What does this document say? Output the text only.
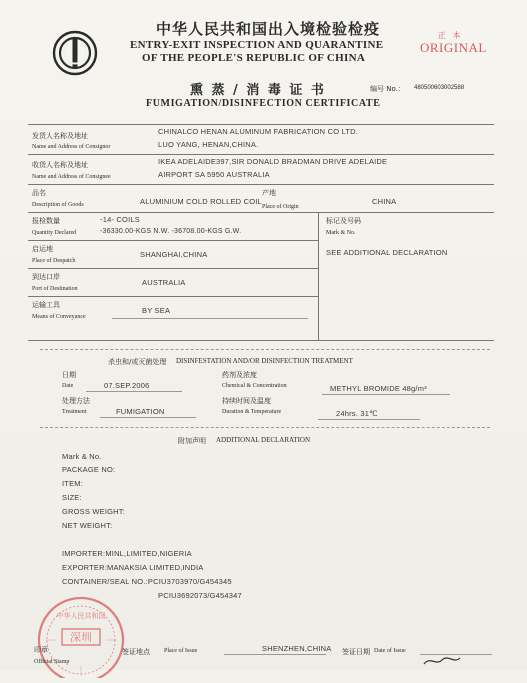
中华人民共和国出入境检验检疫
ENTRY-EXIT INSPECTION AND QUARANTINE
OF THE PEOPLE'S REPUBLIC OF CHINA
正 本
ORIGINAL
熏 蒸 / 消 毒 证 书
FUMIGATION/DISINFECTION CERTIFICATE
编号 No.： 480500603002588
发货人名称及地址
Name and Address of Consignor
CHINALCO HENAN ALUMINUM FABRICATION CO LTD.
LUO YANG, HENAN,CHINA.
收货人名称及地址
Name and Address of Consignee
IKEA ADELAIDE397,SIR DONALD BRADMAN DRIVE ADELAIDE
AIRPORT SA 5950 AUSTRALIA
品名
Description of Goods	ALUMINIUM COLD ROLLED COIL
产地
Place of Origin
CHINA
报检数量
Quantity Declared
-14- COILS
-36330.00-KGS N.W. -36708.00-KGS G.W.
标记及号码
Mark & No.
SEE ADDITIONAL DECLARATION
启运地
Place of Despatch
SHANGHAI,CHINA
到达口岸
Port of Destination
AUSTRALIA
运输工具
Means of Conveyance
BY SEA
杀虫和/或灭菌处理 DISINFESTATION AND/OR DISINFECTION TREATMENT
日期
Date	07.SEP.2006
药剂及浓度
Chemical & Concentration	METHYL BROMIDE 48g/m³
处理方法
Treatment	FUMIGATION
持续时间及温度
Duration & Temperature	24hrs. 31℃
附加声明 ADDITIONAL DECLARATION
Mark & No.
PACKAGE NO:
ITEM:
SIZE:
GROSS WEIGHT:
NET WEIGHT:
IMPORTER:MINL,LIMITED,NIGERIA
EXPORTER:MANAKSIA LIMITED,INDIA
CONTAINER/SEAL NO.:PCIU3703970/G454345
PCIU3692073/G454347
深圳
中华人民共和国
印章
Official Stamp
签证地点 Place of Issue	SHENZHEN,CHINA 签证日期 Date of Issue
